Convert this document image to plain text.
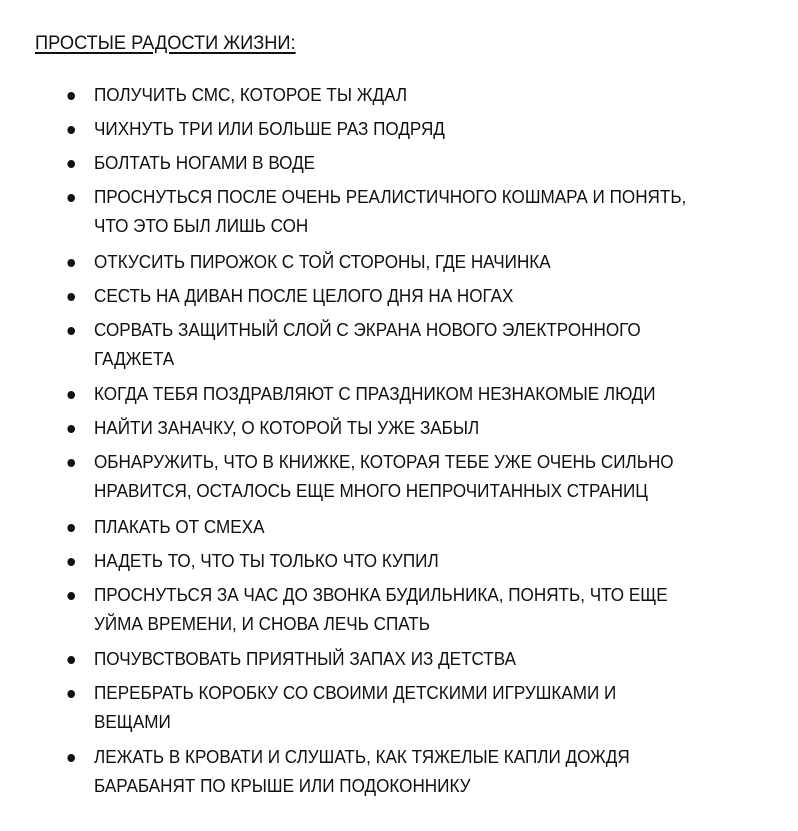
ПРОСТЫЕ РАДОСТИ ЖИЗНИ:
ПОЛУЧИТЬ СМС, КОТОРОЕ ТЫ ЖДАЛ
ЧИХНУТЬ ТРИ ИЛИ БОЛЬШЕ РАЗ ПОДРЯД
БОЛТАТЬ НОГАМИ В ВОДЕ
ПРОСНУТЬСЯ ПОСЛЕ ОЧЕНЬ РЕАЛИСТИЧНОГО КОШМАРА И ПОНЯТЬ,
ЧТО ЭТО БЫЛ ЛИШЬ СОН
ОТКУСИТЬ ПИРОЖОК С ТОЙ СТОРОНЫ, ГДЕ НАЧИНКА
СЕСТЬ НА ДИВАН ПОСЛЕ ЦЕЛОГО ДНЯ НА НОГАХ
СОРВАТЬ ЗАЩИТНЫЙ СЛОЙ С ЭКРАНА НОВОГО ЭЛЕКТРОННОГО
ГАДЖЕТА
КОГДА ТЕБЯ ПОЗДРАВЛЯЮТ С ПРАЗДНИКОМ НЕЗНАКОМЫЕ ЛЮДИ
НАЙТИ ЗАНАЧКУ, О КОТОРОЙ ТЫ УЖЕ ЗАБЫЛ
ОБНАРУЖИТЬ, ЧТО В КНИЖКЕ, КОТОРАЯ ТЕБЕ УЖЕ ОЧЕНЬ СИЛЬНО
НРАВИТСЯ, ОСТАЛОСЬ ЕЩЕ МНОГО НЕПРОЧИТАННЫХ СТРАНИЦ
ПЛАКАТЬ ОТ СМЕХА
НАДЕТЬ ТО, ЧТО ТЫ ТОЛЬКО ЧТО КУПИЛ
ПРОСНУТЬСЯ ЗА ЧАС ДО ЗВОНКА БУДИЛЬНИКА, ПОНЯТЬ, ЧТО ЕЩЕ
УЙМА ВРЕМЕНИ, И СНОВА ЛЕЧЬ СПАТЬ
ПОЧУВСТВОВАТЬ ПРИЯТНЫЙ ЗАПАХ ИЗ ДЕТСТВА
ПЕРЕБРАТЬ КОРОБКУ СО СВОИМИ ДЕТСКИМИ ИГРУШКАМИ И
ВЕЩАМИ
ЛЕЖАТЬ В КРОВАТИ И СЛУШАТЬ, КАК ТЯЖЕЛЫЕ КАПЛИ ДОЖДЯ
БАРАБАНЯТ ПО КРЫШЕ ИЛИ ПОДОКОННИКУ
